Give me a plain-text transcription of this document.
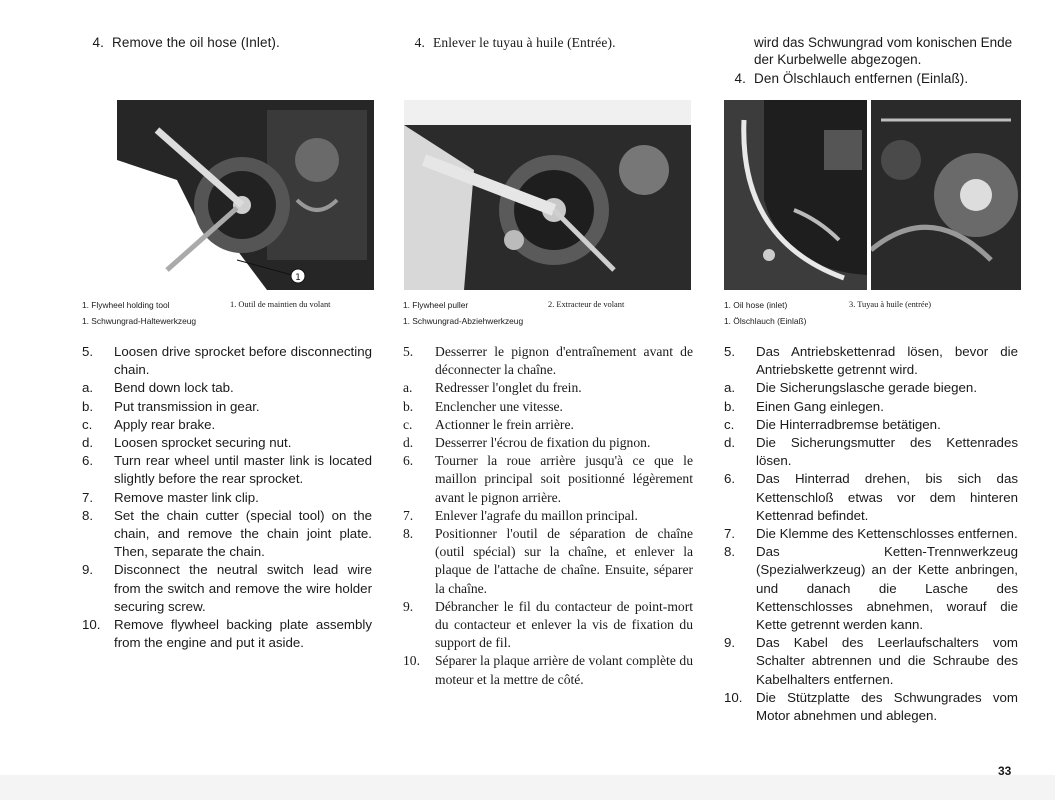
4. Remove the oil hose (Inlet).
1
1. Flywheel holding tool	1. Outil de maintien du volant
1. Schwungrad-Haltewerkzeug
5.	Loosen drive sprocket before disconnecting chain.
a.	Bend down lock tab.
b.	Put transmission in gear.
c.	Apply rear brake.
d.	Loosen sprocket securing nut.
6.	Turn rear wheel until master link is located slightly before the rear sprocket.
7.	Remove master link clip.
8.	Set the chain cutter (special tool) on the chain, and remove the chain joint plate. Then, separate the chain.
9.	Disconnect the neutral switch lead wire from the switch and remove the wire holder securing screw.
10.	Remove flywheel backing plate assembly from the engine and put it aside.
4. Enlever le tuyau à huile (Entrée).
1. Flywheel puller	2. Extracteur de volant
1. Schwungrad-Abziehwerkzeug
5.	Desserrer le pignon d'entraînement avant de déconnecter la chaîne.
a.	Redresser l'onglet du frein.
b.	Enclencher une vitesse.
c.	Actionner le frein arrière.
d.	Desserrer l'écrou de fixation du pignon.
6.	Tourner la roue arrière jusqu'à ce que le maillon principal soit positionné légèrement avant le pignon arrière.
7.	Enlever l'agrafe du maillon principal.
8.	Positionner l'outil de séparation de chaîne (outil spécial) sur la chaîne, et enlever la plaque de l'attache de chaîne. Ensuite, séparer la chaîne.
9.	Débrancher le fil du contacteur de point-mort du contacteur et enlever la vis de fixation du support de fil.
10.	Séparer la plaque arrière de volant complète du moteur et la mettre de côté.
wird das Schwungrad vom konischen Ende der Kurbelwelle abgezogen.
4. Den Ölschlauch entfernen (Einlaß).
1. Oil hose (inlet)	3. Tuyau à huile (entrée)
1. Ölschlauch (Einlaß)
5.	Das Antriebskettenrad lösen, bevor die Antriebskette getrennt wird.
a.	Die Sicherungslasche gerade biegen.
b.	Einen Gang einlegen.
c.	Die Hinterradbremse betätigen.
d.	Die Sicherungsmutter des Kettenrades lösen.
6.	Das Hinterrad drehen, bis sich das Kettenschloß etwas vor dem hinteren Kettenrad befindet.
7.	Die Klemme des Kettenschlosses entfernen.
8.	Das Ketten-Trennwerkzeug (Spezialwerkzeug) an der Kette anbringen, und danach die Lasche des Kettenschlosses abnehmen, worauf die Kette getrennt werden kann.
9.	Das Kabel des Leerlaufschalters vom Schalter abtrennen und die Schraube des Kabelhalters entfernen.
10.	Die Stützplatte des Schwungrades vom Motor abnehmen und ablegen.
33
